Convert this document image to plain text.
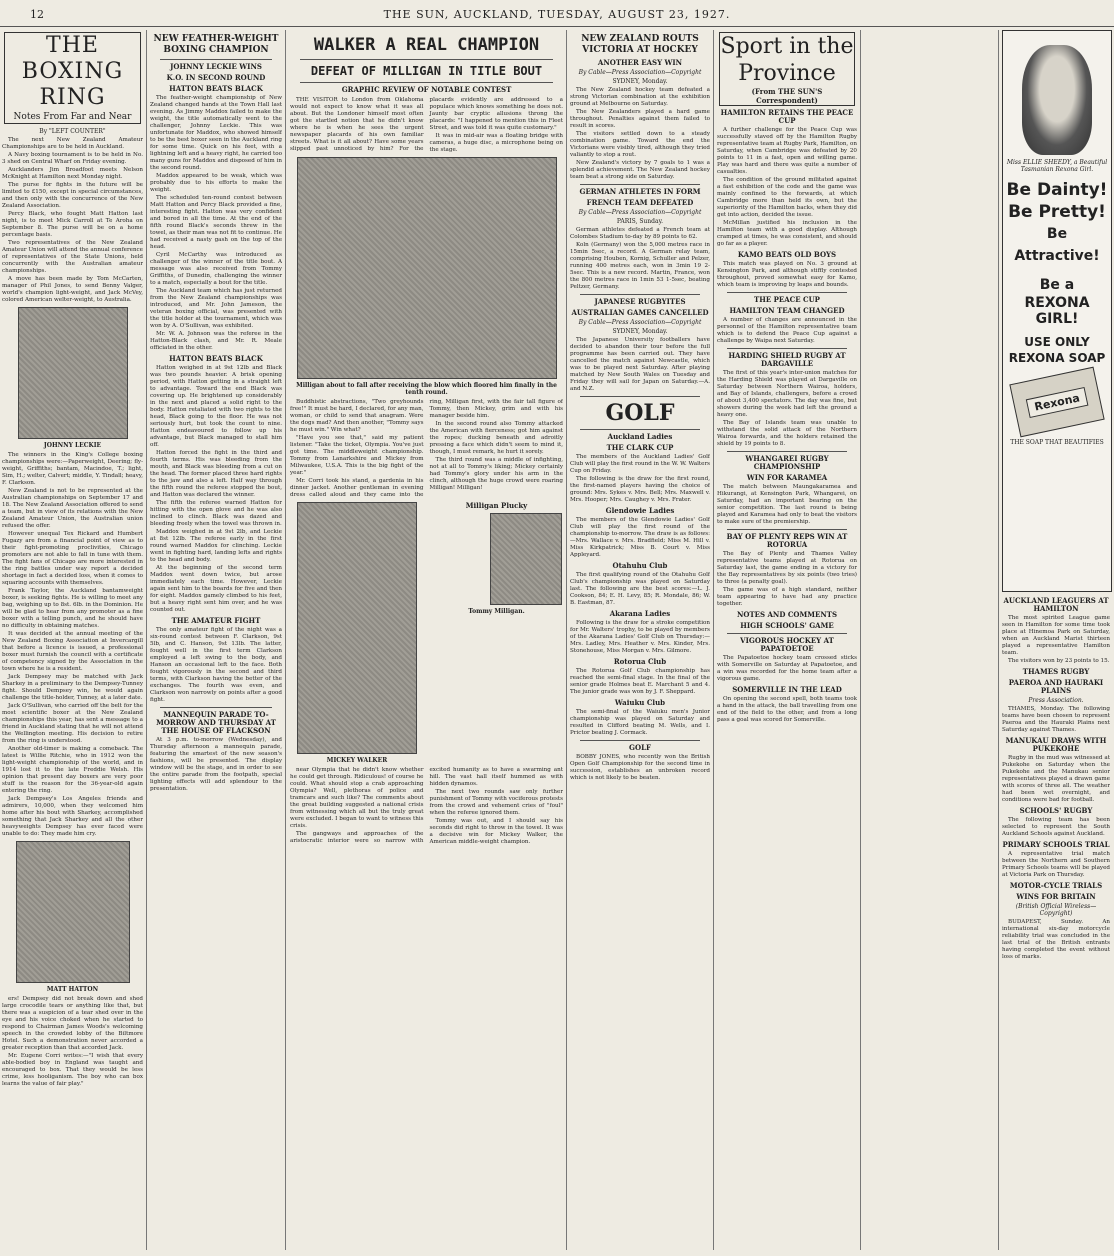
12	THE SUN, AUCKLAND, TUESDAY, AUGUST 23, 1927.
THE BOXING RING
Notes From Far and Near
By "LEFT COUNTER"

The next New Zealand Amateur Championships are to be held in Auckland.

A Navy boxing tournament is to be held in No. 3 shed on Central Wharf on Friday evening.

Aucklanders Jim Broadfoot meets Nelson McKnight at Hamilton next Monday night.

The purse for fights in the future will be limited to £150, except in special circumstances, and then only with the concurrence of the New Zealand Association.

Percy Black, who fought Matt Hatton last night, is to meet Mick Carroll at Te Aroha on September 8. The purse will be on a home percentage basis.

Two representatives of the New Zealand Amateur Union will attend the annual conference of representatives of the State Unions, held concurrently with the Australian amateur championships.

A move has been made by Tom McCarten, manager of Phil Jones, to send Benny Valger, world's champion light-weight, and Jack McVey, colored American welter-weight, to Australia.

JOHNNY LECKIE

The winners in the King's College boxing championships were:—Paperweight, Deering; fly-weight, Griffiths; bantam, Macindoe, T.; light, Sim, H.; welter, Calvert; middle, Y. Tindall; heavy, F. Clarkson.

New Zealand is not to be represented at the Australian championships on September 17 and 18. The New Zealand Association offered to send a team, but in view of its relations with the New Zealand Amateur Union, the Australian union refused the offer.

However unequal Tex Rickard and Humbert Fugazy are from a financial point of view as to their fight-promoting proclivities, Chicago promoters are not able to fall in tune with them. The fight fans of Chicago are more interested in the ring battles under way report a decided shortage in fact a decided loss, when it comes to squaring accounts with themselves.

Frank Taylor, the Auckland bantamweight boxer, is seeking fights. He is willing to meet any bag, weighing up to 8st. 6lb. in the Dominion. He will be glad to hear from any promoter as a fine boxer with a telling punch, and he should have no difficulty in obtaining matches.

It was decided at the annual meeting of the New Zealand Boxing Association at Invercargill that before a licence is issued, a professional boxer must furnish the council with a certificate of competency signed by the Association in the town where he is a resident.

Jack Dempsey may be matched with Jack Sharkey in a preliminary to the Dempsey-Tunney fight. Should Dempsey win, he would again challenge the title-holder, Tunney, at a later date.

Jack O'Sullivan, who carried off the belt for the most scientific boxer at the New Zealand championships this year, has sent a message to a friend in Auckland stating that he will not attend the Wellington meeting. His decision to retire from the ring is understood.

Another old-timer is making a comeback. The latest is Willie Ritchie, who in 1912 won the light-weight championship of the world, and in 1914 lost it to the late Freddie Welsh. His opinion that present day boxers are very poor stuff is the reason for the 36-year-old again entering the ring.

Jack Dempsey's Los Angeles friends and admirers, 10,000, when they welcomed him home after his bout with Sharkey, accomplished something that Jack Sharkey and all the other heavyweights Dempsey has ever faced were unable to do: They made him cry.

MATT HATTON

ers! Dempsey did not break down and shed large crocodile tears or anything like that, but there was a suspicion of a tear shed over in the eye and his voice choked when he started to respond to Chairman James Woods's welcoming speech in the crowded lobby of the Biltmore Hotel. Such a demonstration never accorded a greater reception than that accorded Jack.

Mr. Eugene Corri writes:—"I wish that every able-bodied boy in England was taught and encouraged to box. That they would be less crime, less hooliganism. The boy who can box learns the value of fair play."

NEW FEATHER-WEIGHT BOXING CHAMPION
JOHNNY LECKIE WINS
K.O. IN SECOND ROUND
HATTON BEATS BLACK

The feather-weight championship of New Zealand changed hands at the Town Hall last evening. As Jimmy Maddox failed to make the weight, the title automatically went to the challenger, Johnny Leckie. This was unfortunate for Maddox, who showed himself to be the best boxer seen in the Auckland ring for some time. Quick on his feet, with a lightning left and a heavy right, he carried too many guns for Maddox and disposed of him in the second round.

Maddox appeared to be weak, which was probably due to his efforts to make the weight.

The scheduled ten-round contest between Matt Hatton and Percy Black provided a fine, interesting fight. Hatton was very confident and bored in all the time. At the end of the fifth round Black's seconds threw in the towel, as their man was not fit to continue. He had received a nasty gash on the top of the head.

Cyril McCarthy was introduced as challenger of the winner of the title bout. A message was also received from Tommy Griffiths, of Dunedin, challenging the winner to a match, especially a bout for the title.

The Auckland team which has just returned from the New Zealand championships was introduced, and Mr. John Jameson, the veteran boxing official, was presented with the title holder at the tournament, which was won by A. O'Sullivan, was exhibited.

Mr. W. A. Johnson was the referee in the Hatton-Black clash, and Mr. R. Meale officiated in the other.

HATTON BEATS BLACK

Hatton weighed in at 9st 12lb and Black was two pounds heavier. A brisk opening period, with Hatton getting in a straight left to advantage. Toward the end Black was covering up. He brightened up considerably in the next and placed a solid right to the body. Hatton retaliated with two rights to the head, Black going to the floor. He was not seriously hurt, but took the count to nine. Hatton endeavoured to follow up his advantage, but Black managed to stall him off.

Hatton forced the fight in the third and fourth terms. His was bleeding from the mouth, and Black was bleeding from a cut on the head. The former placed three hard rights to the jaw and also a left. Half way through the fifth round the referee stopped the bout, and Hatton was declared the winner.

The fifth the referee warned Hatton for hitting with the open glove and he was also inclined to clinch. Black was dazed and bleeding freely when the towel was thrown in.

Maddox weighed in at 9st 2lb, and Leckie at 8st 12lb. The referee early in the first round warned Maddox for clinching. Leckie went in fighting hard, landing lefts and rights to the head and body.

At the beginning of the second term Maddox went down twice, but arose immediately each time. However, Leckie again sent him to the boards for five and then for eight. Maddox gamely climbed to his feet, but a heavy right sent him over, and he was counted out.

THE AMATEUR FIGHT

The only amateur fight of the night was a six-round contest between F. Clarkson, 9st 5lb, and C. Hanson, 9st 13lb. The latter, fought well in the first term Clarkson employed a left swing to the body, and Hanson an occasional left to the face. Both fought vigorously in the second and third terms, with Clarkson having the better of the exchanges. The fourth was even, and Clarkson won narrowly on points after a good fight.

MANNEQUIN PARADE TO-MORROW AND THURSDAY AT THE HOUSE OF FLACKSON

At 3 p.m. to-morrow (Wednesday), and Thursday afternoon a mannequin parade, featuring the smartest of the new season's fashions, will be presented. The display window will be the stage, and in order to see the entire parade from the footpath, special lighting effects will add splendour to the presentation.

WALKER A REAL CHAMPION
DEFEAT OF MILLIGAN IN TITLE BOUT
GRAPHIC REVIEW OF NOTABLE CONTEST

THE VISITOR to London from Oklahoma would not expect to know what it was all about. But the Londoner himself most often got the startled notion that he didn't know where he is when he sees the urgent newspaper placards of his own familiar streets. What is it all about? Have some years slipped past unnoticed by him? For the placards evidently are addressed to a populace which knows something he does not. Jaunty bar cryptic allusions throng the placards: "I happened to mention this in Fleet Street, and was told it was quite customary."

It was in mid-air was a floating bridge with cameras, a huge disc, a microphone being on the stage.

Milligan about to fall after receiving the blow which floored him finally in the tenth round.

Buddhistic abstractions, "Two greyhounds free!" It must be hard, I declared, for any man, woman, or child to send that anagram. Were the dogs mad? And then another, "Tommy says he must win." Win what?

"Have you see that," said my patient listener. "Take the ticket, Olympia. You've just got time. The middleweight championship. Tommy from Lanarkshire and Mickey from Milwaukee, U.S.A. This is the big fight of the year."

Mr. Corri took his stand, a gardenia in his dinner jacket. Another gentleman in evening dress called aloud and they came into the ring, Milligan first, with the fair tall figure of Tommy, then Mickey, grim and with his manager beside him.

In the second round also Tommy attacked the American with fierceness; got him against the ropes; ducking beneath and adroitly pressing a face which didn't seem to mind it, though, I must remark, he hurt it sorely.

The third round was a middle of infighting, not at all to Tommy's liking; Mickey certainly had Tommy's glory under his arm in the clinch, although the huge crowd were roaring Milligan! Milligan!

MICKEY WALKER
Milligan Plucky
Tommy Milligan.

near Olympia that he didn't know whether he could get through. Ridiculous! of course he could. What should stop a crab approaching Olympia? Well, plethoras of police and tramcars and such like? The comments about the great building suggested a national crisis from witnessing which all but the truly great were excluded. I began to want to witness this crisis.

The gangways and approaches of the aristocratic interior were so narrow with excited humanity as to have a swarming ant hill. The vast hall itself hummed as with hidden dynamos.

The next two rounds saw only further punishment of Tommy with vociferous protests from the crowd and vehement cries of "foul" when the referee ignored them.

Tommy was out, and I should say his seconds did right to throw in the towel. It was a decisive win for Mickey Walker, the American middle-weight champion.

NEW ZEALAND ROUTS VICTORIA AT HOCKEY
ANOTHER EASY WIN
By Cable—Press Association—Copyright
SYDNEY, Monday.

The New Zealand hockey team defeated a strong Victorian combination at the exhibition ground at Melbourne on Saturday.

The New Zealanders played a hard game throughout. Penalties against them failed to result in scores.

The visitors settled down to a steady combination game. Toward the end the Victorians were visibly tired, although they tried valiantly to stop a rout.

New Zealand's victory by 7 goals to 1 was a splendid achievement. The New Zealand hockey team beat a strong side on Saturday.

GERMAN ATHLETES IN FORM
FRENCH TEAM DEFEATED
By Cable—Press Association—Copyright
PARIS, Sunday.

German athletes defeated a French team at Colombes Stadium to-day by 89 points to 62.

Koln (Germany) won the 5,000 metres race in 15min 5sec, a record. A German relay team, comprising Houben, Kornig, Schuller and Pelzer, running 400 metres each, won in 3min 19 2-5sec. This is a new record. Martin, France, won the 800 metres race in 1min 53 1-5sec, beating Peltzer, Germany.

JAPANESE RUGBYITES
AUSTRALIAN GAMES CANCELLED
By Cable—Press Association—Copyright
SYDNEY, Monday.

The Japanese University footballers have decided to abandon their tour before the full programme has been carried out. They have cancelled the match against Newcastle, which was to be played next Saturday. After playing matched by New South Wales on Tuesday and Friday they will sail for Japan on Saturday.—A. and N.Z.

GOLF
Auckland Ladies
THE CLARK CUP

The members of the Auckland Ladies' Golf Club will play the first round in the W. W. Walters Cup on Friday.

The following is the draw for the first round, the first-named players having the choice of ground: Mrs. Sykes v. Mrs. Bell; Mrs. Maxwell v. Mrs. Hooper; Mrs. Caughey v. Mrs. Frater.

Glendowie Ladies

The members of the Glendowie Ladies' Golf Club will play the first round of the championship to-morrow. The draw is as follows:—Mrs. Wallace v. Mrs. Bradfield; Miss M. Hill v. Miss Kirkpatrick; Miss B. Court v. Miss Appleyard.

Otahuhu Club

The first qualifying round of the Otahuhu Golf Club's championship was played on Saturday last. The following are the best scores:—L. J. Cookson, 84; E. H. Levy, 85; R. Mondale, 86; W. B. Eastman, 87.

Akarana Ladies

Following is the draw for a stroke competition for Mr. Walters' trophy, to be played by members of the Akarana Ladies' Golf Club on Thursday:—Mrs. Ladley, Mrs. Heather v. Mrs. Kinder, Mrs. Stonehouse, Miss Morgan v. Mrs. Gilmore.

Rotorua Club

The Rotorua Golf Club championship has reached the semi-final stage. In the final of the senior grade Holmes beat E. Marchant 5 and 4. The junior grade was won by J. F. Sheppard.

Waiuku Club

The semi-final of the Waiuku men's Junior championship was played on Saturday and resulted in Clifford beating M. Wells, and I. Prictor beating J. Cormack.

GOLF

BOBBY JONES, who recently won the British Open Golf Championship for the second time in succession, establishes an unbroken record which is not likely to be beaten.

Sport in the Province
(From THE SUN'S Correspondent)
HAMILTON RETAINS THE PEACE CUP

A further challenge for the Peace Cup was successfully staved off by the Hamilton Rugby representative team at Rugby Park, Hamilton, on Saturday, when Cambridge was defeated by 20 points to 11 in a fast, open and willing game. Play was hard and there was quite a number of casualties.

The condition of the ground militated against a fast exhibition of the code and the game was mainly confined to the forwards, at which Cambridge more than held its own, but the superiority of the Hamilton backs, when they did get into action, decided the issue.

McMillan justified his inclusion in the Hamilton team with a good display. Although cramped at times, he was consistent, and should go far as a player.

KAMO BEATS OLD BOYS

This match was played on No. 3 ground at Kensington Park, and although stiffly contested throughout, proved somewhat easy for Kamo, which team is improving by leaps and bounds.

THE PEACE CUP
HAMILTON TEAM CHANGED

A number of changes are announced in the personnel of the Hamilton representative team which is to defend the Peace Cup against a challenge by Waipa next Saturday.

HARDING SHIELD RUGBY AT DARGAVILLE

The first of this year's inter-union matches for the Harding Shield was played at Dargaville on Saturday between Northern Wairoa, holders, and Bay of Islands, challengers, before a crowd of about 3,400 spectators. The day was fine, but showers during the week had left the ground a heavy one.

The Bay of Islands team was unable to withstand the solid attack of the Northern Wairoa forwards, and the holders retained the shield by 19 points to 8.

WHANGAREI RUGBY CHAMPIONSHIP
WIN FOR KARAMEA

The match between Maungakaramea and Hikurangi, at Kensington Park, Whangarei, on Saturday, had an important bearing on the senior competition. The last round is being played and Karamea had only to beat the visitors to make sure of the premiership.

BAY OF PLENTY REPS WIN AT ROTORUA

The Bay of Plenty and Thames Valley representative teams played at Rotorua on Saturday last, the game ending in a victory for the Bay representatives by six points (two tries) to three (a penalty goal).

The game was of a high standard, neither team appearing to have had any practice together.

NOTES AND COMMENTS
HIGH SCHOOLS' GAME
VIGOROUS HOCKEY AT PAPATOETOE

The Papatoetoe hockey team crossed sticks with Somerville on Saturday at Papatoetoe, and a win was recorded for the home team after a vigorous game.

SOMERVILLE IN THE LEAD

On opening the second spell, both teams took a hand in the attack, the ball travelling from one end of the field to the other, and from a long pass a goal was scored for Somerville.

AUCKLAND LEAGUERS AT HAMILTON

The most spirited League game seen in Hamilton for some time took place at Hinemoa Park on Saturday, when an Auckland Marist thirteen played a representative Hamilton team.

The visitors won by 23 points to 15.

THAMES RUGBY
PAEROA AND HAURAKI PLAINS
Press Association.

THAMES, Monday. The following teams have been chosen to represent Paeroa and the Hauraki Plains next Saturday against Thames.

MANUKAU DRAWS WITH PUKEKOHE

Rugby in the mud was witnessed at Pukekohe on Saturday when the Pukekohe and the Manukau senior representatives played a drawn game with scores of three all. The weather had been wet overnight, and conditions were bad for football.

SCHOOLS' RUGBY

The following team has been selected to represent the South Auckland Schools against Auckland.

PRIMARY SCHOOLS TRIAL

A representative trial match between the Northern and Southern Primary Schools teams will be played at Victoria Park on Thursday.

MOTOR-CYCLE TRIALS
WINS FOR BRITAIN
(British Official Wireless—Copyright)

BUDAPEST, Sunday. An international six-day motorcycle reliability trial was concluded in the last trial of the British entrants having completed the event without loss of marks.

Miss ELLIE SHEEDY, a Beautiful Tasmanian Rexona Girl.
Be Dainty!
Be Pretty!
Be Attractive!
Be a
REXONA GIRL!
USE ONLY
REXONA SOAP
Rexona
THE SOAP THAT BEAUTIFIES
